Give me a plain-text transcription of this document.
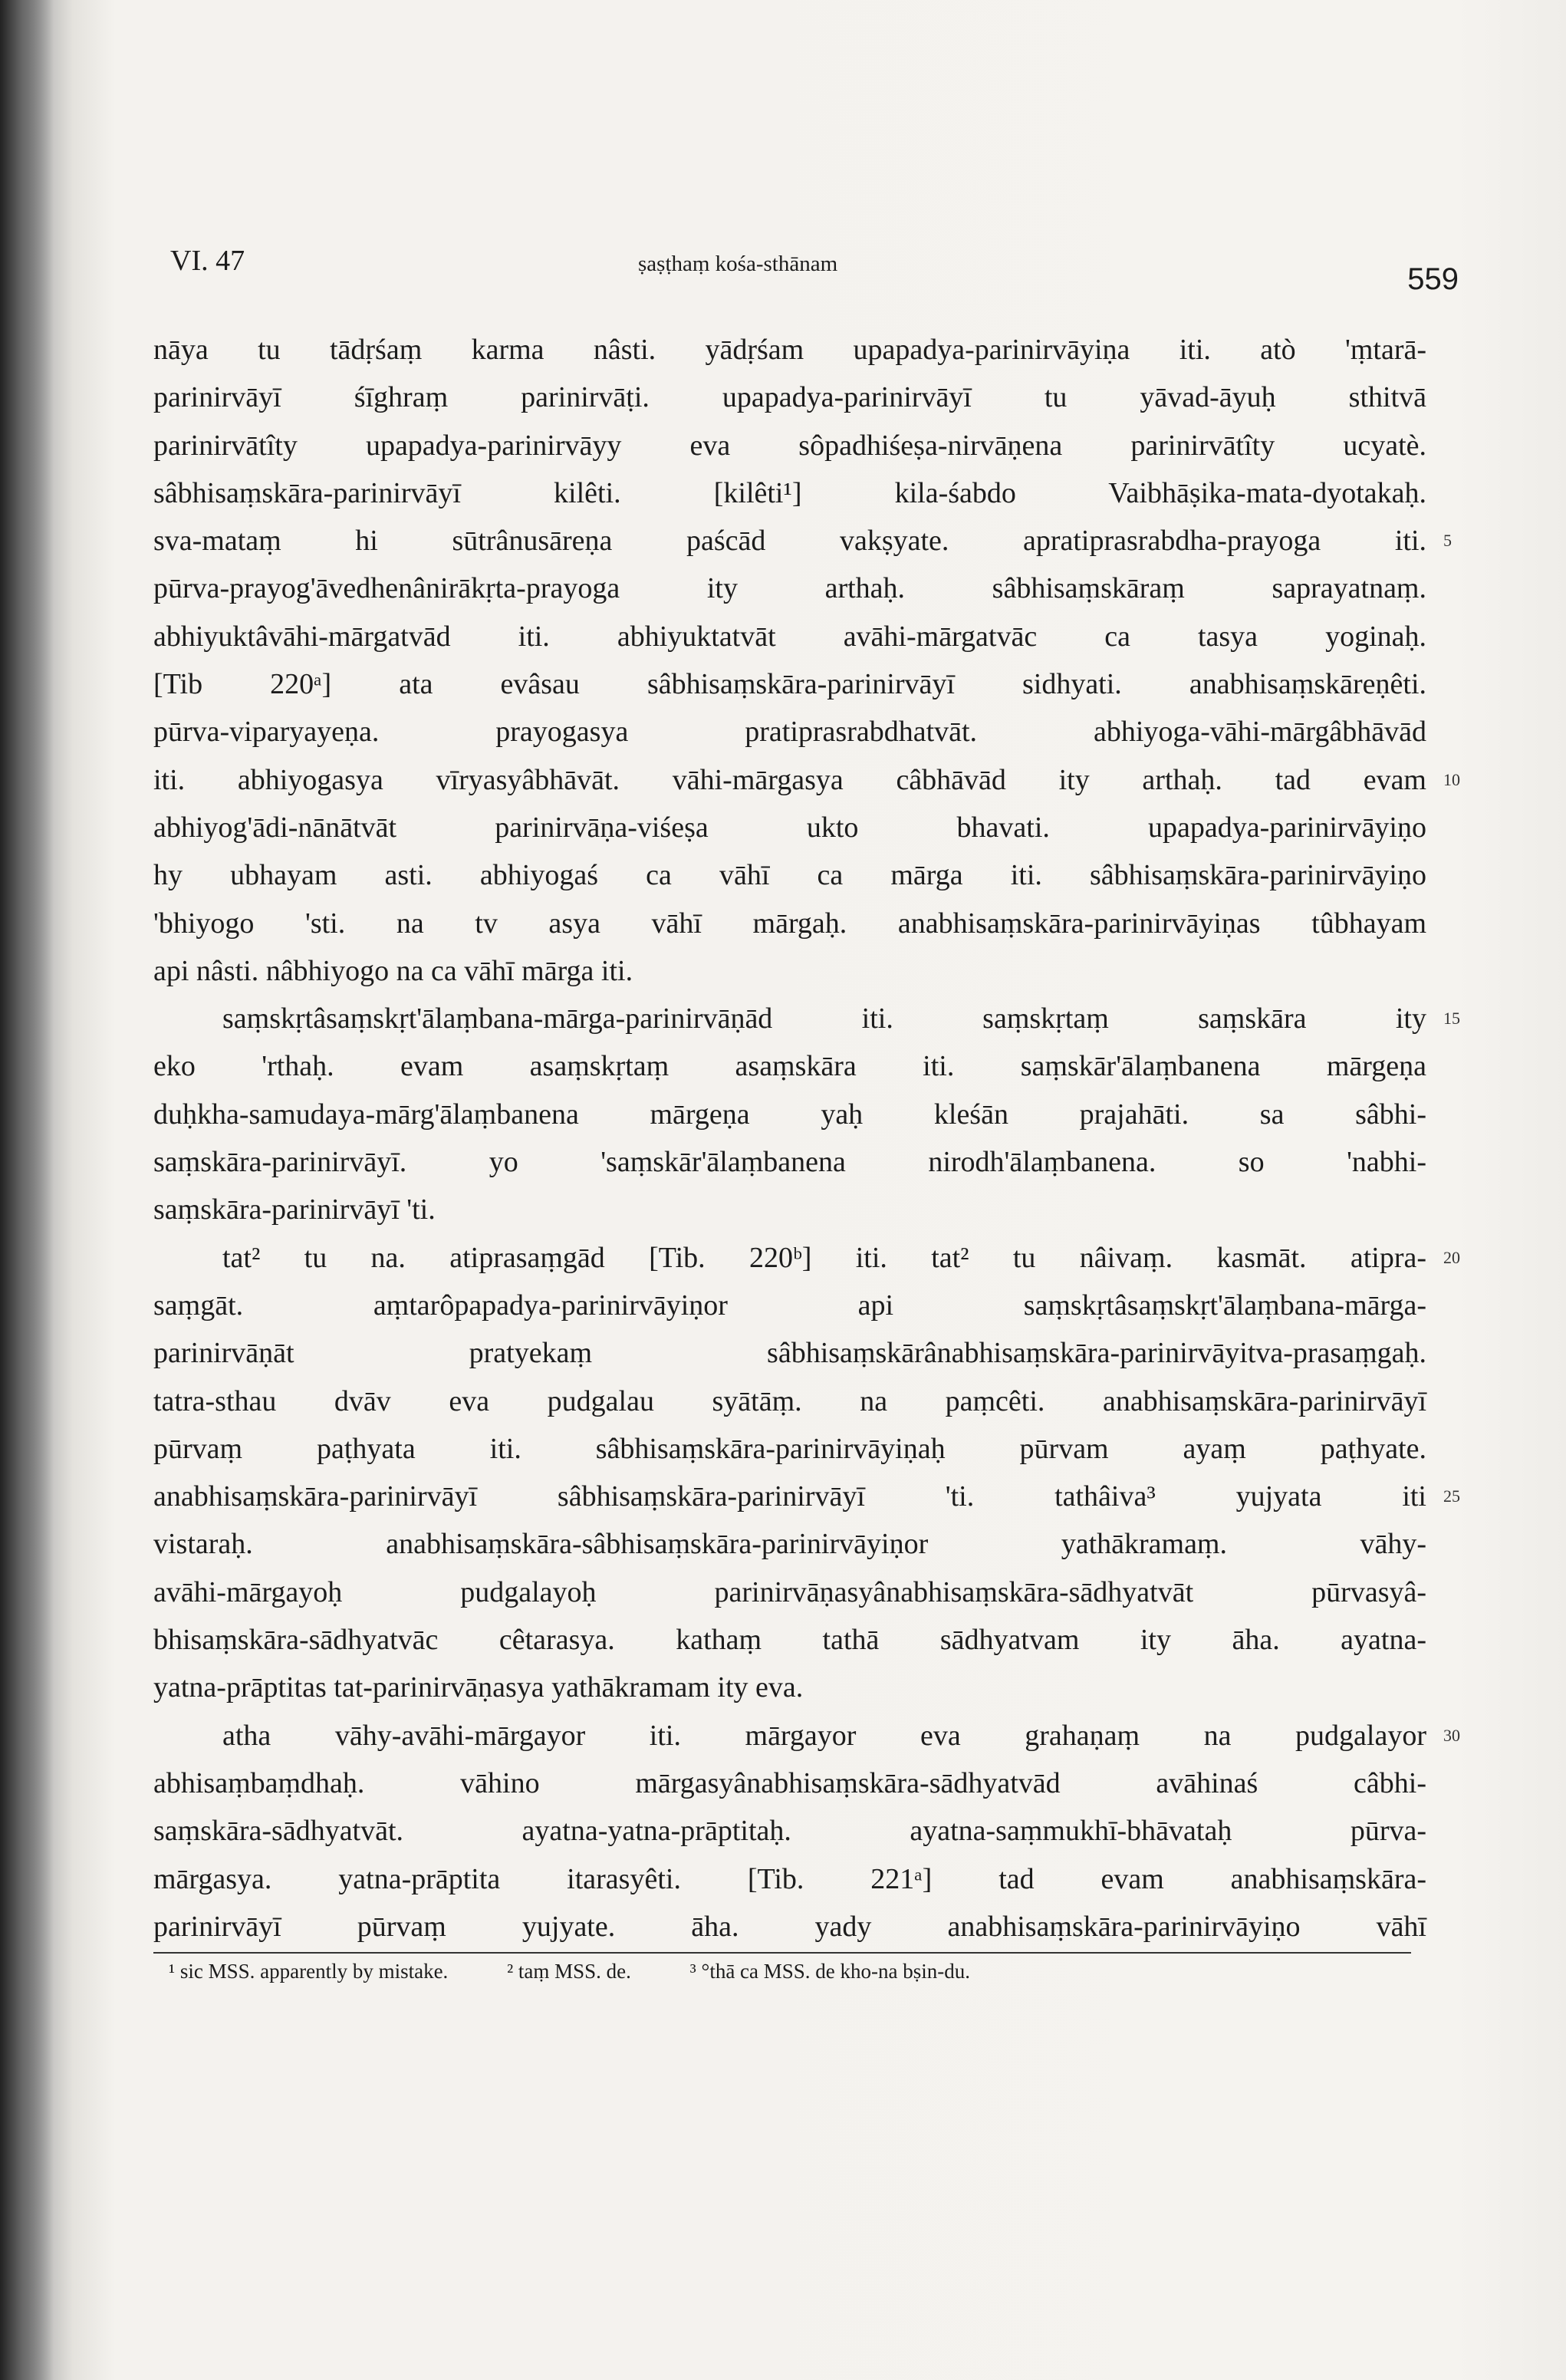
VI. 47	ṣaṣṭhaṃ kośa-sthānam	559
nāya tu tādṛśaṃ karma nâsti. yādṛśam upapadya-parinirvāyiṇa iti. atò 'ṃtarā-
parinirvāyī śīghraṃ parinirvāṭi. upapadya-parinirvāyī tu yāvad-āyuḥ sthitvā
parinirvātîty upapadya-parinirvāyy eva sôpadhiśeṣa-nirvāṇena parinirvātîty ucyatè.
sâbhisaṃskāra-parinirvāyī kilêti. [kilêti¹] kila-śabdo Vaibhāṣika-mata-dyotakaḥ.
sva-mataṃ hi sūtrânusāreṇa paścād vakṣyate. apratiprasrabdha-prayoga iti. 5
pūrva-prayog'āvedhenânirākṛta-prayoga ity arthaḥ. sâbhisaṃskāraṃ saprayatnaṃ.
abhiyuktâvāhi-mārgatvād iti. abhiyuktatvāt avāhi-mārgatvāc ca tasya yoginaḥ.
[Tib 220ᵃ] ata evâsau sâbhisaṃskāra-parinirvāyī sidhyati. anabhisaṃskāreṇêti.
pūrva-viparyayeṇa. prayogasya pratiprasrabdhatvāt. abhiyoga-vāhi-mārgâbhāvād
iti. abhiyogasya vīryasyâbhāvāt. vāhi-mārgasya câbhāvād ity arthaḥ. tad evam 10
abhiyog'ādi-nānātvāt parinirvāṇa-viśeṣa ukto bhavati. upapadya-parinirvāyiṇo
hy ubhayam asti. abhiyogaś ca vāhī ca mārga iti. sâbhisaṃskāra-parinirvāyiṇo
'bhiyogo 'sti. na tv asya vāhī mārgaḥ. anabhisaṃskāra-parinirvāyiṇas tûbhayam
api nâsti. nâbhiyogo na ca vāhī mārga iti.
saṃskṛtâsaṃskṛt'ālaṃbana-mārga-parinirvāṇād iti. saṃskṛtaṃ saṃskāra ity 15
eko 'rthaḥ. evam asaṃskṛtaṃ asaṃskāra iti. saṃskār'ālaṃbanena mārgeṇa
duḥkha-samudaya-mārg'ālaṃbanena mārgeṇa yaḥ kleśān prajahāti. sa sâbhi-
saṃskāra-parinirvāyī. yo 'saṃskār'ālaṃbanena nirodh'ālaṃbanena. so 'nabhi-
saṃskāra-parinirvāyī 'ti.
tat² tu na. atiprasaṃgād [Tib. 220ᵇ] iti. tat² tu nâivaṃ. kasmāt. atipra- 20
saṃgāt. aṃtarôpapadya-parinirvāyiṇor api saṃskṛtâsaṃskṛt'ālaṃbana-mārga-
parinirvāṇāt pratyekaṃ sâbhisaṃskārânabhisaṃskāra-parinirvāyitva-prasaṃgaḥ.
tatra-sthau dvāv eva pudgalau syātāṃ. na paṃcêti. anabhisaṃskāra-parinirvāyī
pūrvaṃ paṭhyata iti. sâbhisaṃskāra-parinirvāyiṇaḥ pūrvam ayaṃ paṭhyate.
anabhisaṃskāra-parinirvāyī sâbhisaṃskāra-parinirvāyī 'ti. tathâiva³ yujyata iti 25
vistaraḥ. anabhisaṃskāra-sâbhisaṃskāra-parinirvāyiṇor yathākramaṃ. vāhy-
avāhi-mārgayoḥ pudgalayoḥ parinirvāṇasyânabhisaṃskāra-sādhyatvāt pūrvasyâ-
bhisaṃskāra-sādhyatvāc cêtarasya. kathaṃ tathā sādhyatvam ity āha. ayatna-
yatna-prāptitas tat-parinirvāṇasya yathākramam ity eva.
atha vāhy-avāhi-mārgayor iti. mārgayor eva grahaṇaṃ na pudgalayor 30
abhisaṃbaṃdhaḥ. vāhino mārgasyânabhisaṃskāra-sādhyatvād avāhinaś câbhi-
saṃskāra-sādhyatvāt. ayatna-yatna-prāptitaḥ. ayatna-saṃmukhī-bhāvataḥ pūrva-
mārgasya. yatna-prāptita itarasyêti. [Tib. 221ᵃ] tad evam anabhisaṃskāra-
parinirvāyī pūrvaṃ yujyate. āha. yady anabhisaṃskāra-parinirvāyiṇo vāhī
¹ sic MSS. apparently by mistake.	² taṃ MSS. de.	³ °thā ca MSS. de kho-na bṣin-du.
